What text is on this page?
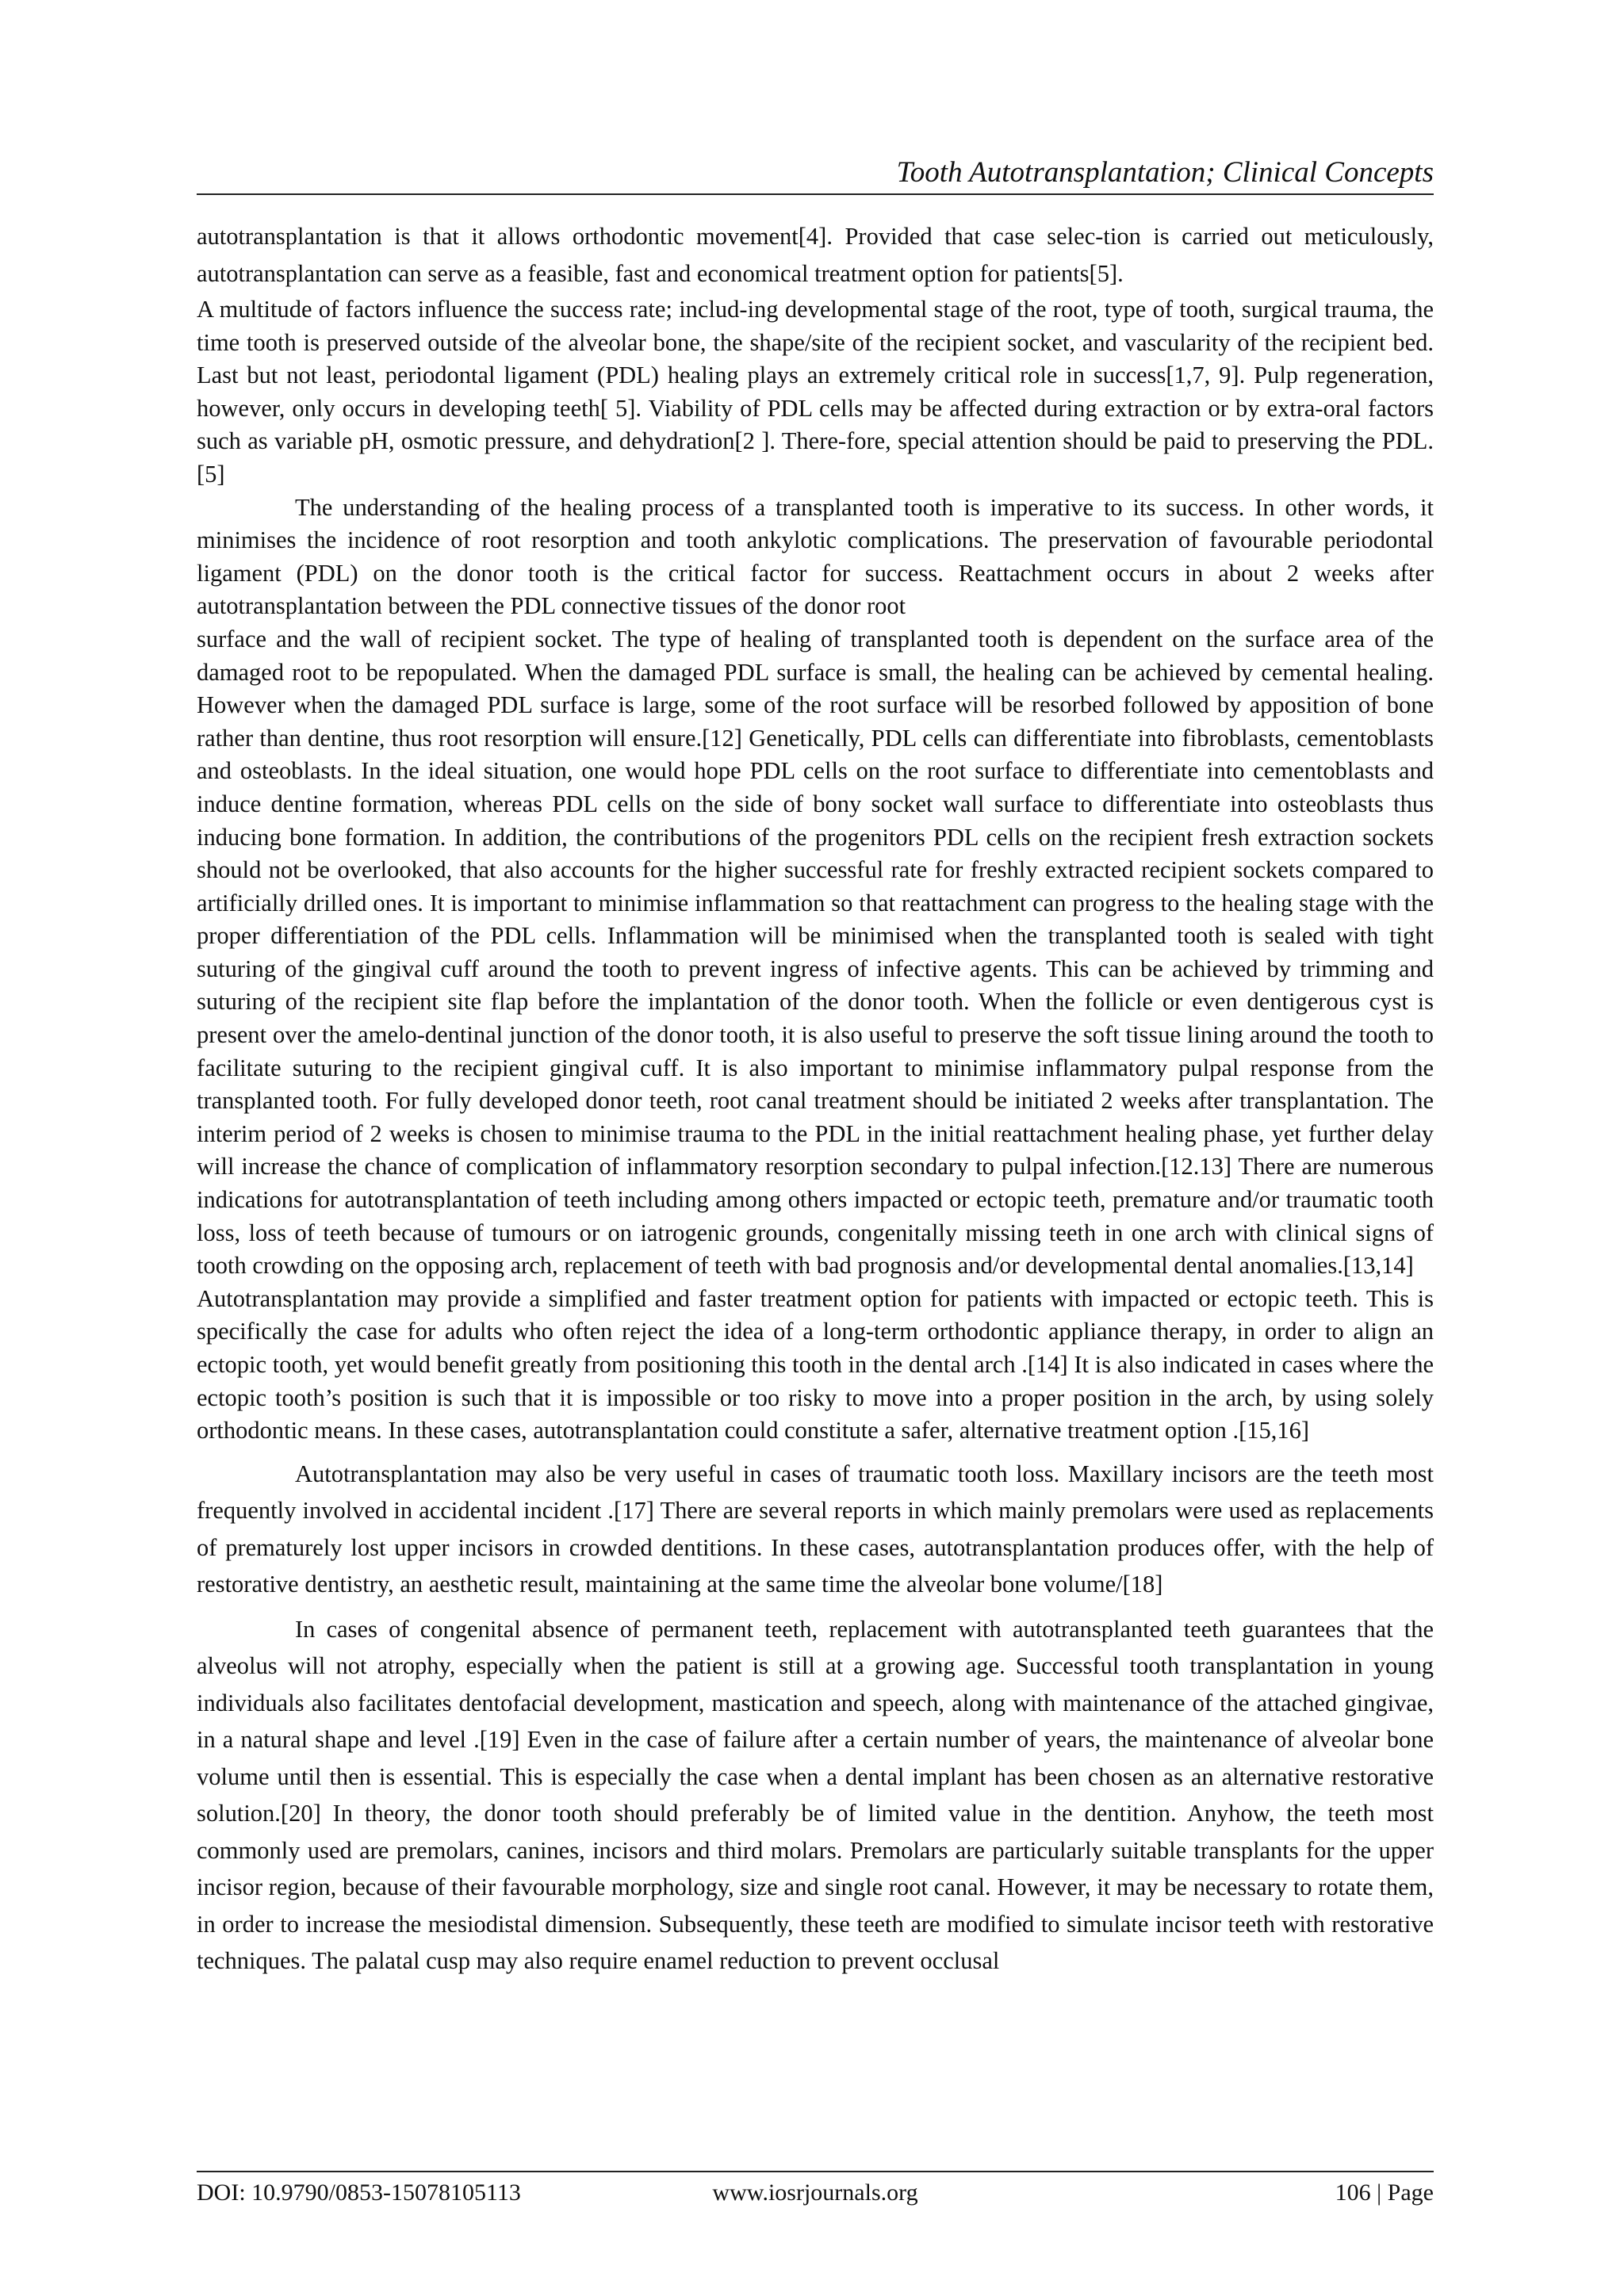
Tooth Autotransplantation; Clinical Concepts

autotransplantation is that it allows orthodontic movement[4]. Provided that case selec-tion is carried out meticulously, autotransplantation can serve as a feasible, fast and economical treatment option for patients[5].

A multitude of factors influence the success rate; includ-ing developmental stage of the root, type of tooth, surgical trauma, the time tooth is preserved outside of the alveolar bone, the shape/site of the recipient socket, and vascularity of the recipient bed. Last but not least, periodontal ligament (PDL) healing plays an extremely critical role in success[1,7, 9]. Pulp regeneration, however, only occurs in developing teeth[ 5]. Viability of PDL cells may be affected during extraction or by extra-oral factors such as variable pH, osmotic pressure, and dehydration[2 ]. There-fore, special attention should be paid to preserving the PDL.[5]

The understanding of the healing process of a transplanted tooth is imperative to its success. In other words, it minimises the incidence of root resorption and tooth ankylotic complications. The preservation of favourable periodontal ligament (PDL) on the donor tooth is the critical factor for success. Reattachment occurs in about 2 weeks after autotransplantation between the PDL connective tissues of the donor root

surface and the wall of recipient socket. The type of healing of transplanted tooth is dependent on the surface area of the damaged root to be repopulated. When the damaged PDL surface is small, the healing can be achieved by cemental healing. However when the damaged PDL surface is large, some of the root surface will be resorbed followed by apposition of bone rather than dentine, thus root resorption will ensure.[12] Genetically, PDL cells can differentiate into fibroblasts, cementoblasts and osteoblasts. In the ideal situation, one would hope PDL cells on the root surface to differentiate into cementoblasts and induce dentine formation, whereas PDL cells on the side of bony socket wall surface to differentiate into osteoblasts thus inducing bone formation. In addition, the contributions of the progenitors PDL cells on the recipient fresh extraction sockets should not be overlooked, that also accounts for the higher successful rate for freshly extracted recipient sockets compared to artificially drilled ones. It is important to minimise inflammation so that reattachment can progress to the healing stage with the proper differentiation of the PDL cells. Inflammation will be minimised when the transplanted tooth is sealed with tight suturing of the gingival cuff around the tooth to prevent ingress of infective agents. This can be achieved by trimming and suturing of the recipient site flap before the implantation of the donor tooth. When the follicle or even dentigerous cyst is present over the amelo-dentinal junction of the donor tooth, it is also useful to preserve the soft tissue lining around the tooth to facilitate suturing to the recipient gingival cuff. It is also important to minimise inflammatory pulpal response from the transplanted tooth. For fully developed donor teeth, root canal treatment should be initiated 2 weeks after transplantation. The interim period of 2 weeks is chosen to minimise trauma to the PDL in the initial reattachment healing phase, yet further delay will increase the chance of complication of inflammatory resorption secondary to pulpal infection.[12.13] There are numerous indications for autotransplantation of teeth including among others impacted or ectopic teeth, premature and/or traumatic tooth loss, loss of teeth because of tumours or on iatrogenic grounds, congenitally missing teeth in one arch with clinical signs of tooth crowding on the opposing arch, replacement of teeth with bad prognosis and/or developmental dental anomalies.[13,14]

Autotransplantation may provide a simplified and faster treatment option for patients with impacted or ectopic teeth. This is specifically the case for adults who often reject the idea of a long-term orthodontic appliance therapy, in order to align an ectopic tooth, yet would benefit greatly from positioning this tooth in the dental arch .[14] It is also indicated in cases where the ectopic tooth’s position is such that it is impossible or too risky to move into a proper position in the arch, by using solely orthodontic means. In these cases, autotransplantation could constitute a safer, alternative treatment option .[15,16]

Autotransplantation may also be very useful in cases of traumatic tooth loss. Maxillary incisors are the teeth most frequently involved in accidental incident .[17] There are several reports in which mainly premolars were used as replacements of prematurely lost upper incisors in crowded dentitions. In these cases, autotransplantation produces offer, with the help of restorative dentistry, an aesthetic result, maintaining at the same time the alveolar bone volume/[18]

In cases of congenital absence of permanent teeth, replacement with autotransplanted teeth guarantees that the alveolus will not atrophy, especially when the patient is still at a growing age. Successful tooth transplantation in young individuals also facilitates dentofacial development, mastication and speech, along with maintenance of the attached gingivae, in a natural shape and level .[19] Even in the case of failure after a certain number of years, the maintenance of alveolar bone volume until then is essential. This is especially the case when a dental implant has been chosen as an alternative restorative solution.[20] In theory, the donor tooth should preferably be of limited value in the dentition. Anyhow, the teeth most commonly used are premolars, canines, incisors and third molars. Premolars are particularly suitable transplants for the upper incisor region, because of their favourable morphology, size and single root canal. However, it may be necessary to rotate them, in order to increase the mesiodistal dimension. Subsequently, these teeth are modified to simulate incisor teeth with restorative techniques. The palatal cusp may also require enamel reduction to prevent occlusal

DOI: 10.9790/0853-15078105113	www.iosrjournals.org	106 | Page
